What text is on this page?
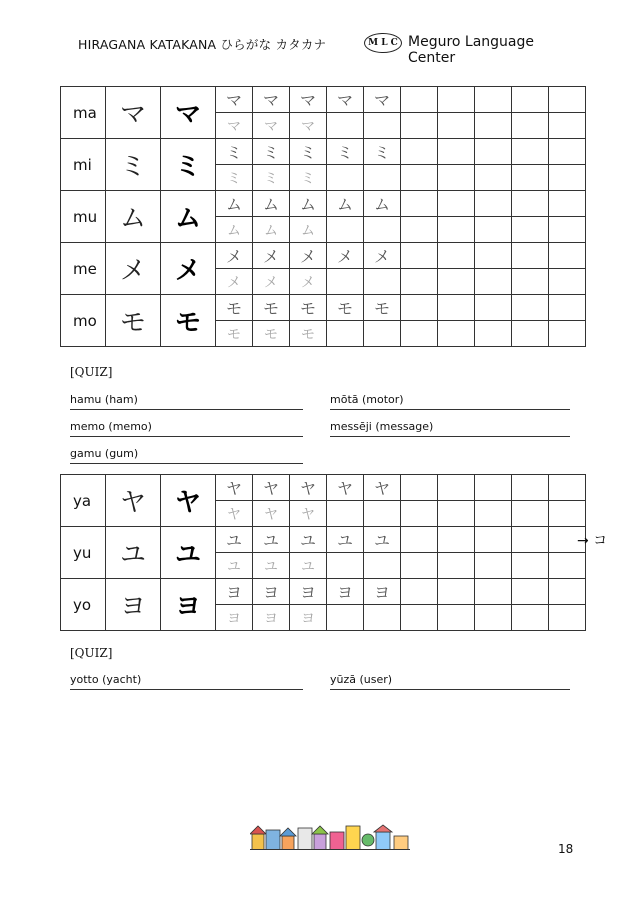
HIRAGANA KATAKANA ひらがな カタカナ	M L C Meguro Language Center
ma	マ	マ	マ	マ	マ	マ	マ					
			マ	マ	マ							
mi	ミ	ミ	ミ	ミ	ミ	ミ	ミ					
			ミ	ミ	ミ							
mu	ム	ム	ム	ム	ム	ム	ム					
			ム	ム	ム							
me	メ	メ	メ	メ	メ	メ	メ					
			メ	メ	メ							
mo	モ	モ	モ	モ	モ	モ	モ					
			モ	モ	モ							
[QUIZ]
hamu (ham)	mōtā (motor)
memo (memo)	messēji (message)
gamu (gum)
ya	ヤ	ヤ	ヤ	ヤ	ヤ	ヤ	ヤ					
			ヤ	ヤ	ヤ							
yu	ユ	ユ	ユ	ユ	ユ	ユ	ユ					
			ユ	ユ	ユ							
yo	ヨ	ヨ	ヨ	ヨ	ヨ	ヨ	ヨ					
			ヨ	ヨ	ヨ							
→ コ
[QUIZ]
yotto (yacht)	yūzā (user)
18
